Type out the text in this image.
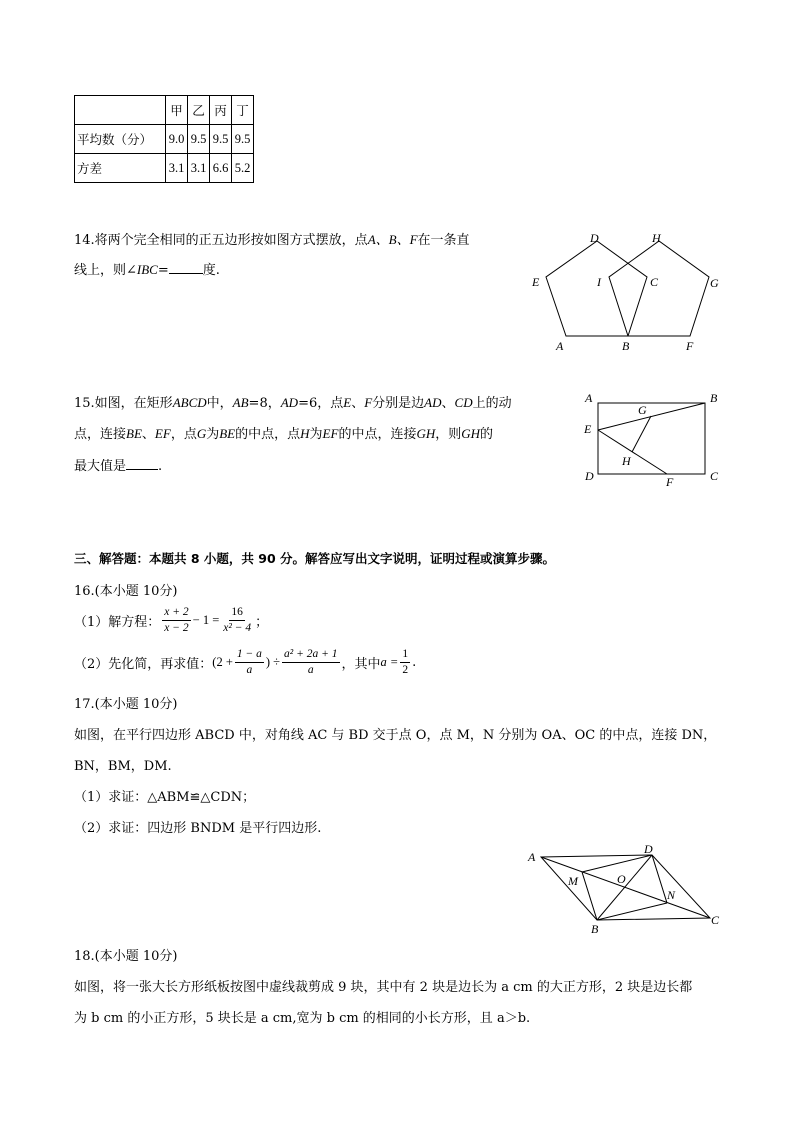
	甲	乙	丙	丁
平均数（分）	9.0	9.5	9.5	9.5
方差	3.1	3.1	6.6	5.2
14.将两个完全相同的正五边形按如图方式摆放，点A、B、F在一条直
线上，则∠IBC=	度.
D	H
E	I	C	G
A	B	F
15.如图，在矩形ABCD中，AB=8，AD=6，点E、F分别是边AD、CD上的动
点，连接BE、EF，点G为BE的中点，点H为EF的中点，连接GH，则GH的
最大值是 .
A	B
G
E
H
D	F	C
三、解答题：本题共 8 小题，共 90 分。解答应写出文字说明，证明过程或演算步骤。
16.(本小题 10分)
（1）解方程： $\frac{x + 2}{x - 2} - 1 = \frac{16}{\text{x² − 4}}$ ；
（2）先化简，再求值： ($2 + \frac{1 - a}{a}$ ) ÷ $\frac{\text{a² + 2a + 1}}{a}$ ，其中 $a = \frac{1}{2}$ .
17.(本小题 10分)
如图，在平行四边形 ABCD 中，对角线 AC 与 BD 交于点 O，点 M，N 分别为 OA、OC 的中点，连接 DN，
BN，BM，DM.
（1）求证：△ABM≌△CDN；
（2）求证：四边形 BNDM 是平行四边形.
A
D
M	O
N
B
C
18.(本小题 10分)
如图，将一张大长方形纸板按图中虚线裁剪成 9 块，其中有 2 块是边长为 a cm 的大正方形，2 块是边长都
为 b cm 的小正方形，5 块长是 a cm,宽为 b cm 的相同的小长方形，且 a＞b.
